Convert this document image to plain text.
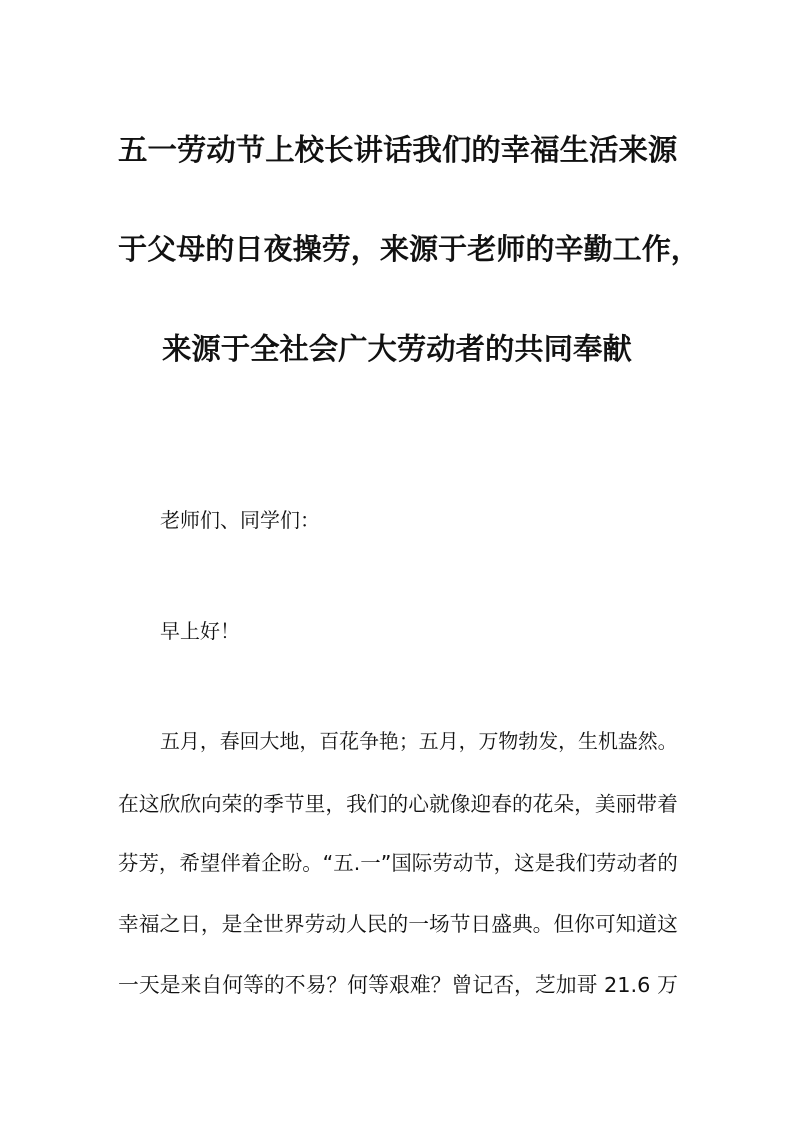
五一劳动节上校长讲话我们的幸福生活来源
于父母的日夜操劳，来源于老师的辛勤工作，
来源于全社会广大劳动者的共同奉献
老师们、同学们：
早上好！
五月，春回大地，百花争艳；五月，万物勃发，生机盎然。
在这欣欣向荣的季节里，我们的心就像迎春的花朵，美丽带着
芬芳，希望伴着企盼。“五.一”国际劳动节，这是我们劳动者的
幸福之日，是全世界劳动人民的一场节日盛典。但你可知道这
一天是来自何等的不易？何等艰难？曾记否，芝加哥 21.6 万
